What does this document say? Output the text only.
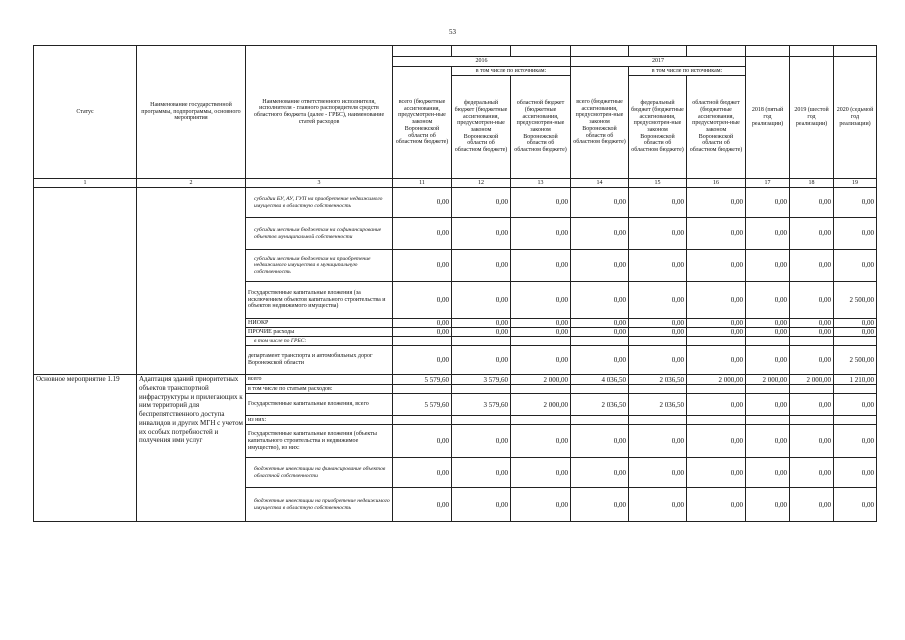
53
Статус	Наименование государственной программы, подпрограммы, основного мероприятия	Наименование ответственного исполнителя, исполнителя - главного распорядителя средств областного бюджета (далее - ГРБС), наименование статей расходов									
			2016			2017			2018 (пятый год реализации)	2019 (шестой год реализации)	2020 (седьмой год реализации)
			всего (бюджетные ассигнования, предусмотрен-ные законом Воронежской области об областном бюджете)	в том числе по источникам:		всего (бюджетные ассигнования, предусмотрен-ные законом Воронежской области об областном бюджете)	в том числе по источникам:				
				федеральный бюджет (бюджетные ассигнования, предусмотрен-ные законом Воронежской области об областном бюджете)	областной бюджет (бюджетные ассигнования, предусмотрен-ные законом Воронежской области об областном бюджете)		федеральный бюджет (бюджетные ассигнования, предусмотрен-ные законом Воронежской области об областном бюджете)	областной бюджет (бюджетные ассигнования, предусмотрен-ные законом Воронежской области об областном бюджете)			
1	2	3	11	12	13	14	15	16	17	18	19
		субсидии БУ, АУ, ГУП на приобретение недвижимого имущества в областную собственность	0,00	0,00	0,00	0,00	0,00	0,00	0,00	0,00	0,00
		субсидии местным бюджетам на софинансирование объектов муниципальной собственности	0,00	0,00	0,00	0,00	0,00	0,00	0,00	0,00	0,00
		субсидии местным бюджетам на приобретение недвижимого имущества в муниципальную собственность	0,00	0,00	0,00	0,00	0,00	0,00	0,00	0,00	0,00
		Государственные капитальные вложения (за исключением объектов капитального строительства и объектов недвижимого имущества)	0,00	0,00	0,00	0,00	0,00	0,00	0,00	0,00	2 500,00
		НИОКР	0,00	0,00	0,00	0,00	0,00	0,00	0,00	0,00	0,00
		ПРОЧИЕ расходы	0,00	0,00	0,00	0,00	0,00	0,00	0,00	0,00	0,00
		в том числе по ГРБС:									
		департамент транспорта и автомобильных дорог Воронежской области	0,00	0,00	0,00	0,00	0,00	0,00	0,00	0,00	2 500,00
Основное мероприятие 1.19	Адаптация зданий приоритетных объектов транспортной инфраструктуры и прилегающих к ним территорий для беспрепятственного доступа инвалидов и других МГН с учетом их особых потребностей и получения ими услуг	всего	5 579,60	3 579,60	2 000,00	4 036,50	2 036,50	2 000,00	2 000,00	2 000,00	1 210,00
		в том числе по статьям расходов:									
		Государственные капитальные вложения, всего	5 579,60	3 579,60	2 000,00	2 036,50	2 036,50	0,00	0,00	0,00	0,00
		из них:									
		Государственные капитальные вложения (объекты капитального строительства и недвижимое имущество), из них:	0,00	0,00	0,00	0,00	0,00	0,00	0,00	0,00	0,00
		бюджетные инвестиции на финансирование объектов областной собственности	0,00	0,00	0,00	0,00	0,00	0,00	0,00	0,00	0,00
		бюджетные инвестиции на приобретение недвижимого имущества в областную собственность	0,00	0,00	0,00	0,00	0,00	0,00	0,00	0,00	0,00
